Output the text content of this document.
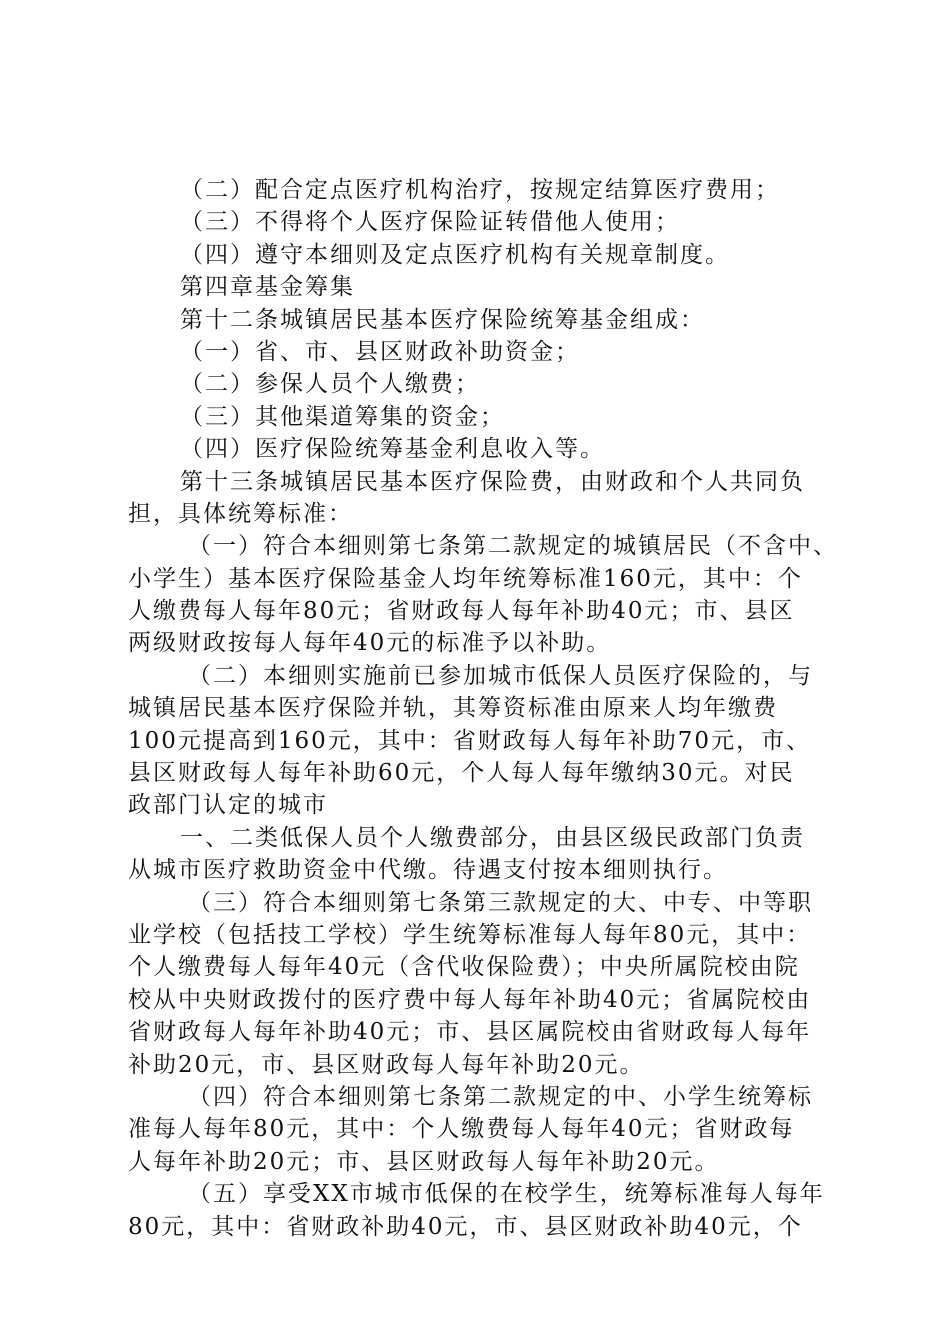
（二）配合定点医疗机构治疗，按规定结算医疗费用；
（三）不得将个人医疗保险证转借他人使用；
（四）遵守本细则及定点医疗机构有关规章制度。
第四章基金筹集
第十二条城镇居民基本医疗保险统筹基金组成：
（一）省、市、县区财政补助资金；
（二）参保人员个人缴费；
（三）其他渠道筹集的资金；
（四）医疗保险统筹基金利息收入等。
第十三条城镇居民基本医疗保险费，由财政和个人共同负
担，具体统筹标准：
（一）符合本细则第七条第二款规定的城镇居民（不含中、
小学生）基本医疗保险基金人均年统筹标准160元，其中：个
人缴费每人每年80元；省财政每人每年补助40元；市、县区
两级财政按每人每年40元的标准予以补助。
（二）本细则实施前已参加城市低保人员医疗保险的，与
城镇居民基本医疗保险并轨，其筹资标准由原来人均年缴费
100元提高到160元，其中：省财政每人每年补助70元，市、
县区财政每人每年补助60元，个人每人每年缴纳30元。对民
政部门认定的城市
一、二类低保人员个人缴费部分，由县区级民政部门负责
从城市医疗救助资金中代缴。待遇支付按本细则执行。
（三）符合本细则第七条第三款规定的大、中专、中等职
业学校（包括技工学校）学生统筹标准每人每年80元，其中：
个人缴费每人每年40元（含代收保险费）；中央所属院校由院
校从中央财政拨付的医疗费中每人每年补助40元；省属院校由
省财政每人每年补助40元；市、县区属院校由省财政每人每年
补助20元，市、县区财政每人每年补助20元。
（四）符合本细则第七条第二款规定的中、小学生统筹标
准每人每年80元，其中：个人缴费每人每年40元；省财政每
人每年补助20元；市、县区财政每人每年补助20元。
（五）享受XX市城市低保的在校学生，统筹标准每人每年
80元，其中：省财政补助40元，市、县区财政补助40元，个
